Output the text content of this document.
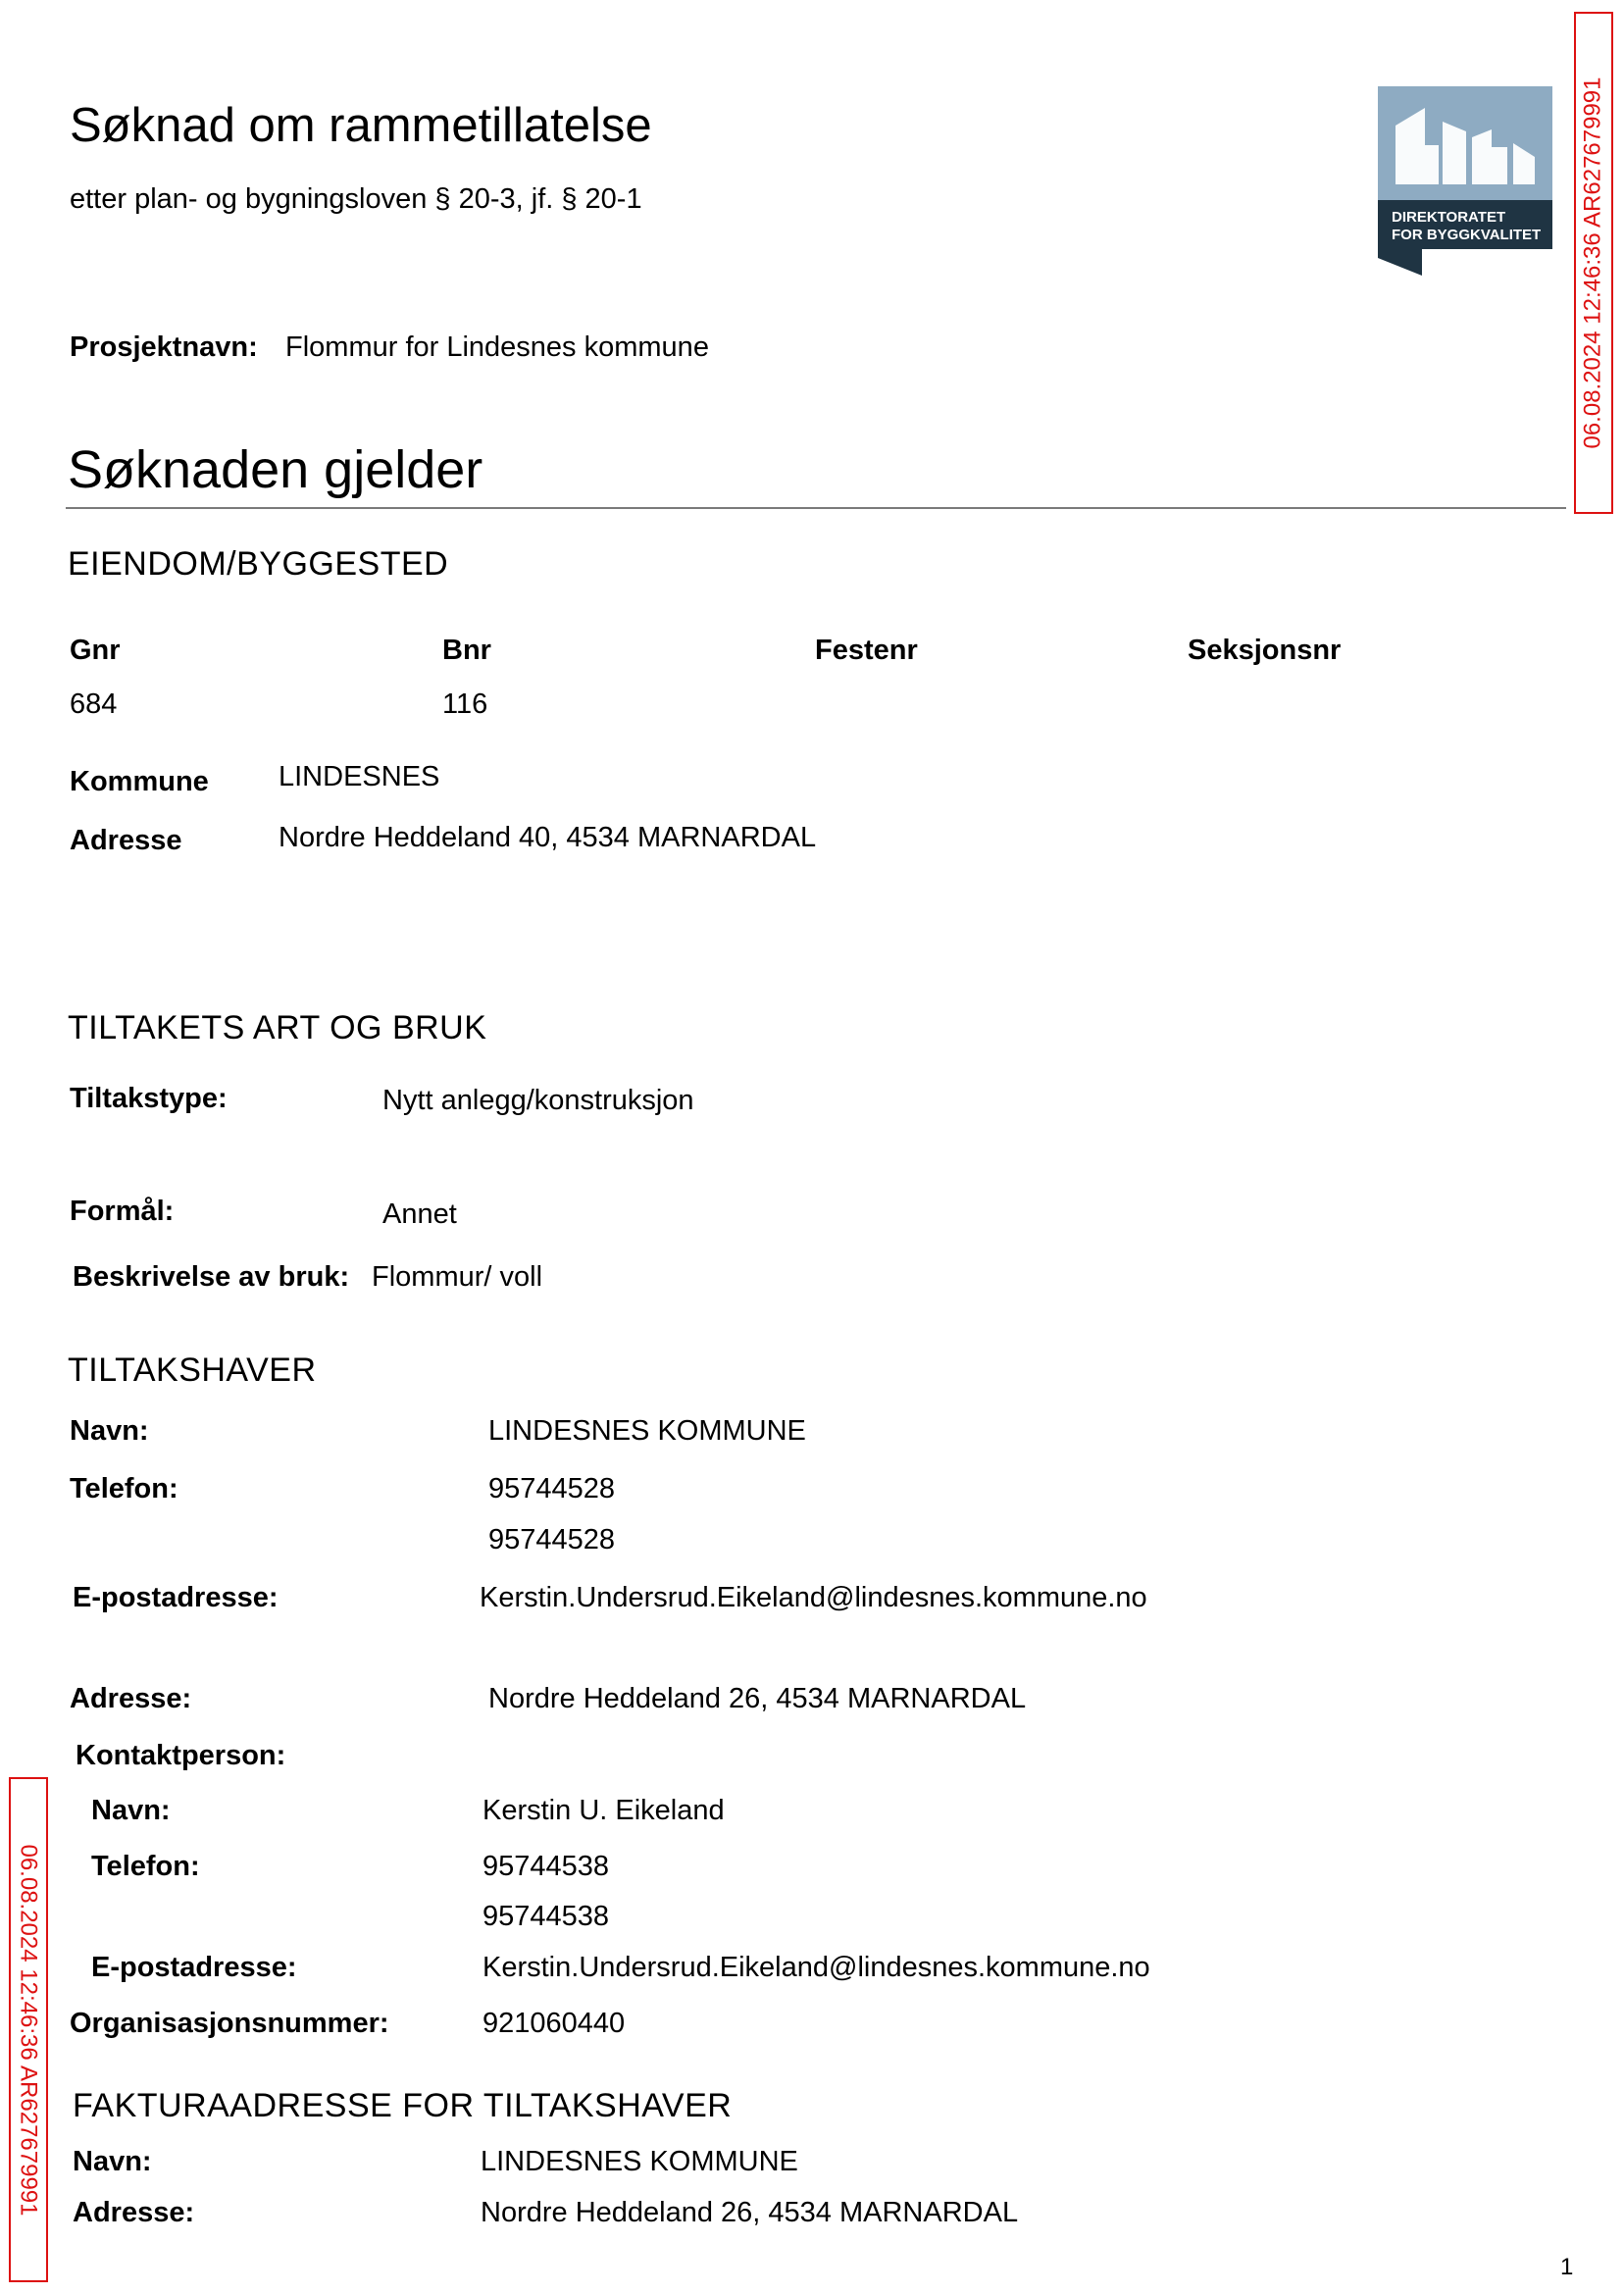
Søknad om rammetillatelse
etter plan- og bygningsloven § 20-3, jf. § 20-1
Prosjektnavn: Flommur for Lindesnes kommune
DIREKTORATET
FOR BYGGKVALITET 06.08.2024 12:46:36 AR627679991
06.08.2024 12:46:36 AR627679991
Søknaden gjelder
EIENDOM/BYGGESTED
Gnr	Bnr	Festenr	Seksjonsnr
684	116
Kommune LINDESNES
Adresse	Nordre Heddeland 40, 4534 MARNARDAL
TILTAKETS ART OG BRUK
Tiltakstype:	Nytt anlegg/konstruksjon
Formål:	Annet
Beskrivelse av bruk: Flommur/ voll
TILTAKSHAVER
Navn:	LINDESNES KOMMUNE
Telefon:	95744528
95744528
E-postadresse:	Kerstin.Undersrud.Eikeland@lindesnes.kommune.no
Adresse:	Nordre Heddeland 26, 4534 MARNARDAL
Kontaktperson:
Navn:	Kerstin U. Eikeland
Telefon:	95744538
95744538
E-postadresse:	Kerstin.Undersrud.Eikeland@lindesnes.kommune.no
Organisasjonsnummer:	921060440
FAKTURAADRESSE FOR TILTAKSHAVER
Navn:	LINDESNES KOMMUNE
Adresse:	Nordre Heddeland 26, 4534 MARNARDAL
1
